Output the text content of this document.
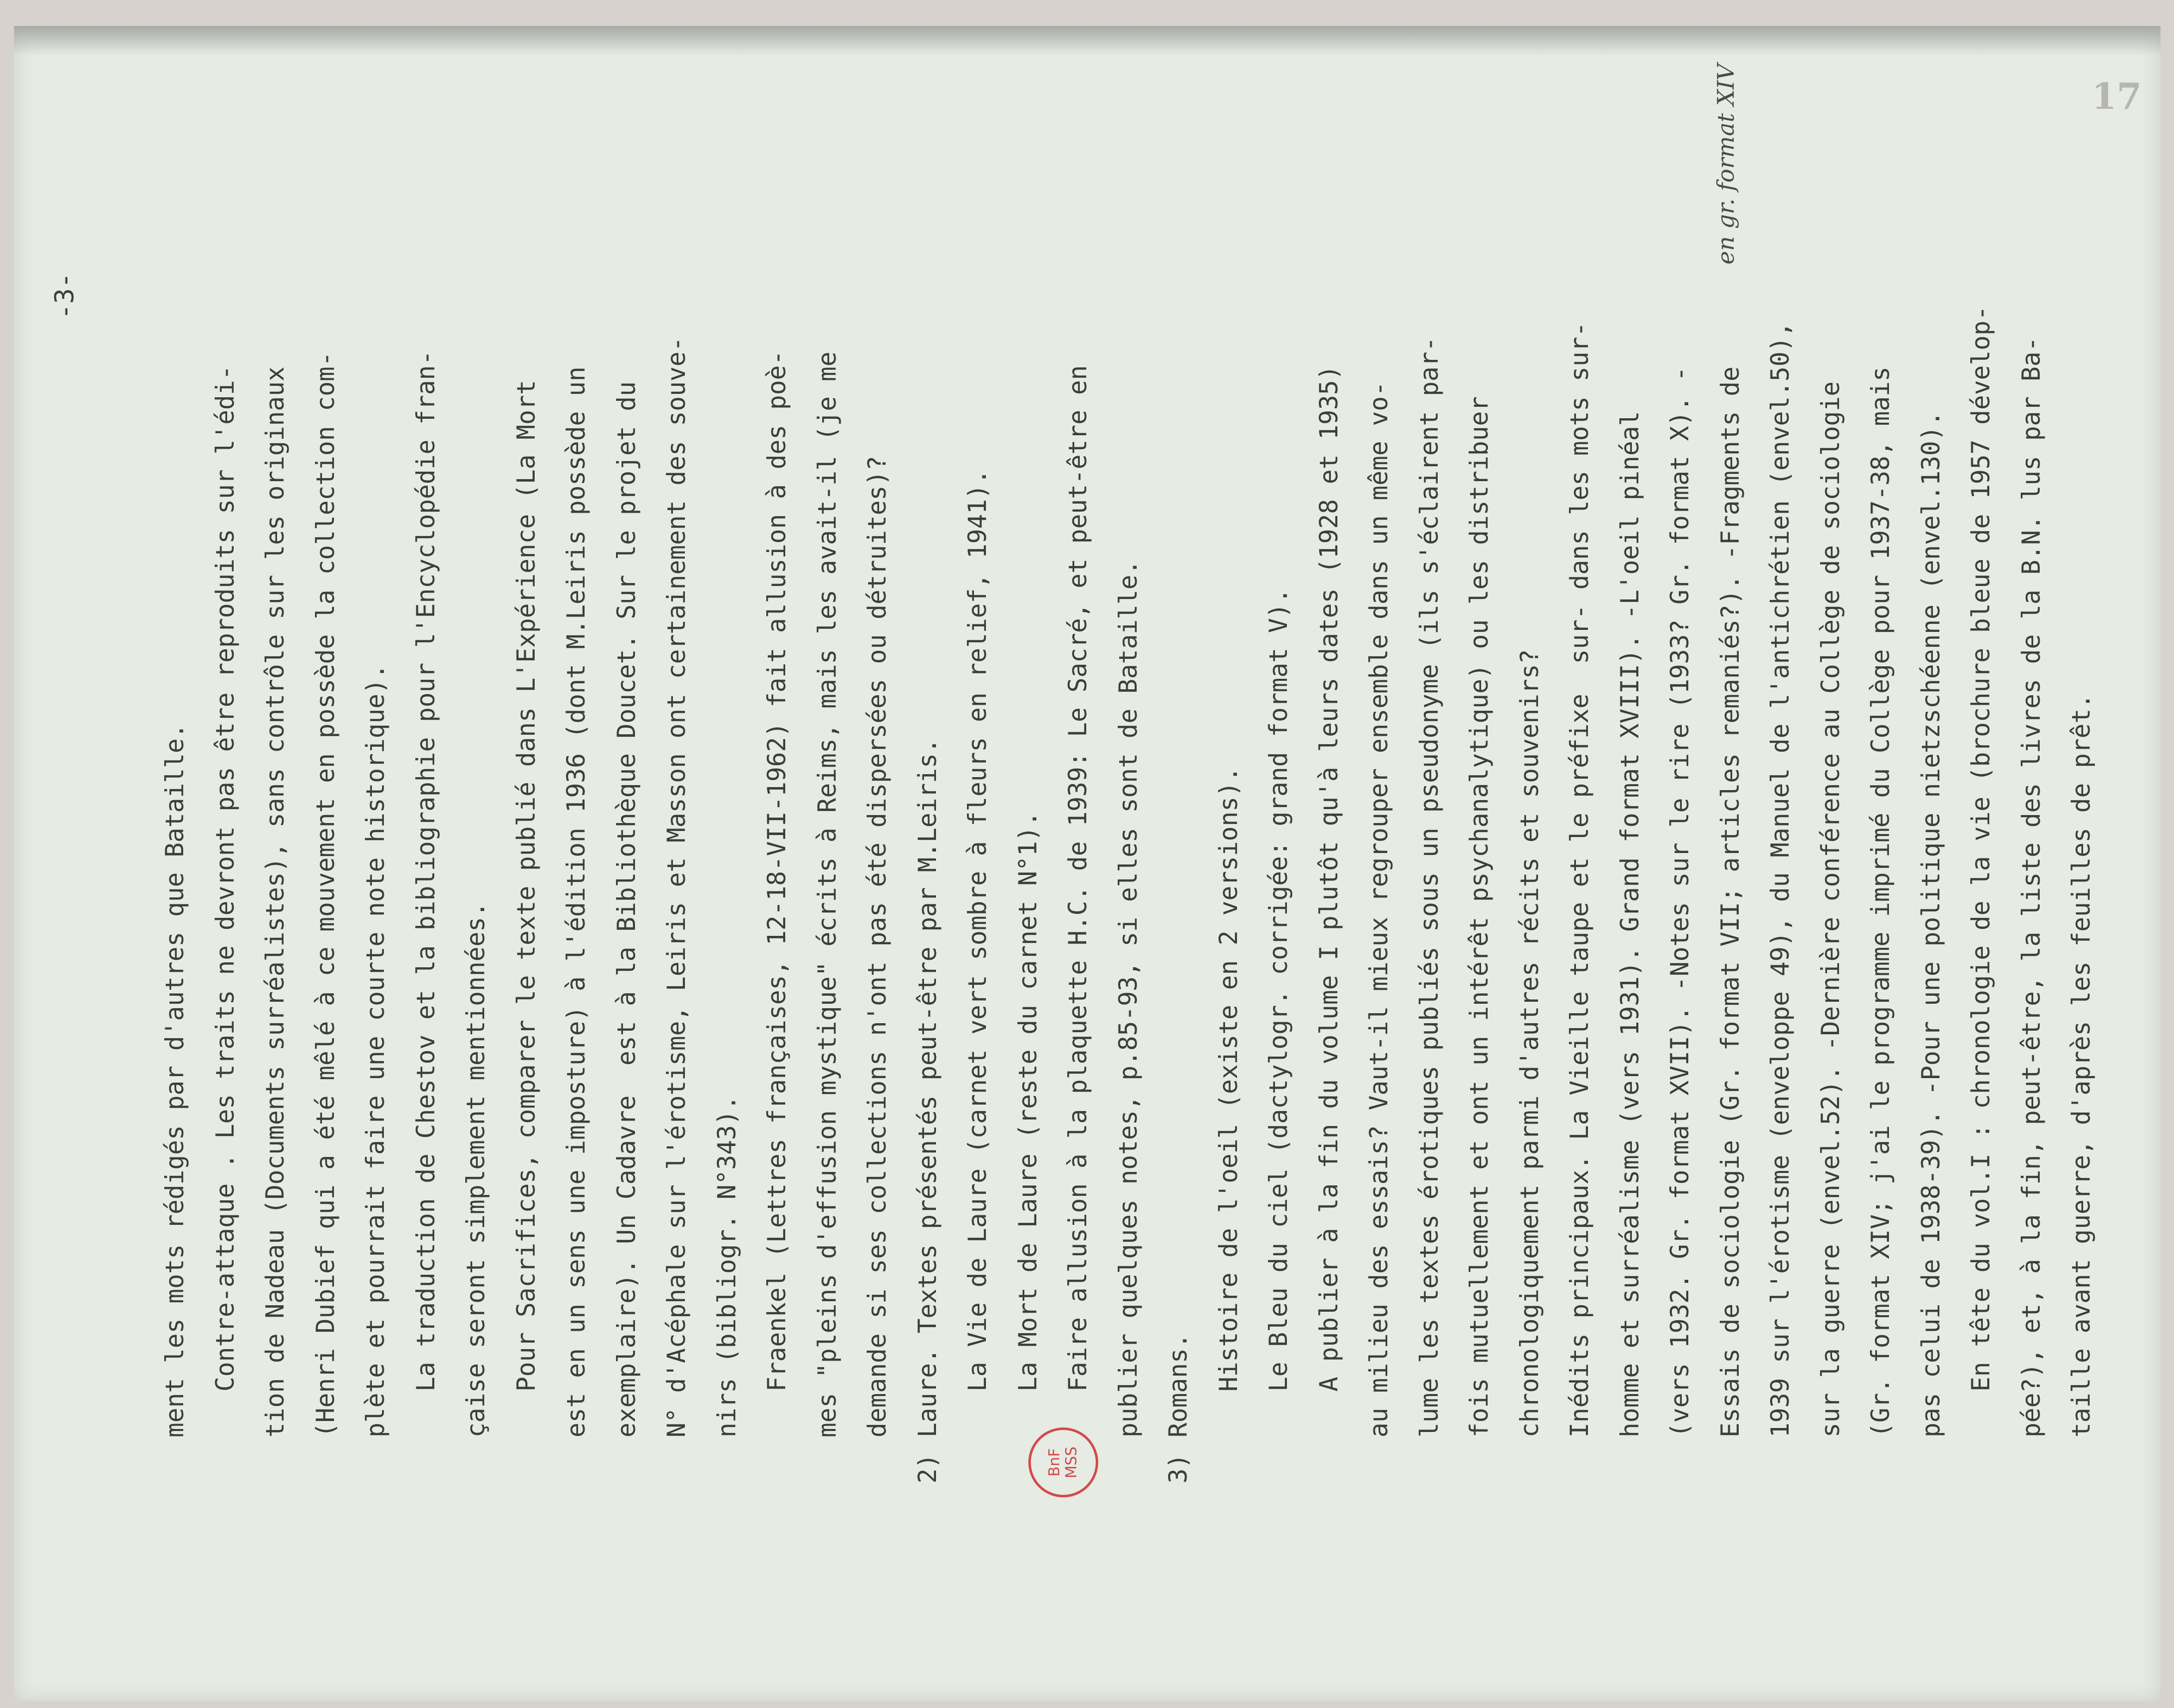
-3-
17
BnF MSS
en gr. format XIV
ment les mots rédigés par d'autres que Bataille. Contre-attaque . Les traits ne devront pas être reproduits sur l'édi- tion de Nadeau (Documents surréalistes), sans contrôle sur les originaux (Henri Dubief qui a été mêlé à ce mouvement en possède la collection com- plète et pourrait faire une courte note historique). La traduction de Chestov et la bibliographie pour l'Encyclopédie fran- çaise seront simplement mentionnées. Pour Sacrifices, comparer le texte publié dans L'Expérience (La Mort est en un sens une imposture) à l'édition 1936 (dont M.Leiris possède un exemplaire). Un Cadavre  est à la Bibliothèque Doucet. Sur le projet du N° d'Acéphale sur l'érotisme, Leiris et Masson ont certainement des souve- nirs (bibliogr. N°343). Fraenkel (Lettres françaises, 12-18-VII-1962) fait allusion à des poè- mes "pleins d'effusion mystique" écrits à Reims, mais les avait-il (je me demande si ses collections n'ont pas été dispersées ou détruites)?
2)
Laure. Textes présentés peut-être par M.Leiris. La Vie de Laure (carnet vert sombre à fleurs en relief, 1941). La Mort de Laure (reste du carnet N°1). Faire allusion à la plaquette H.C. de 1939: Le Sacré, et peut-être en publier quelques notes, p.85-93, si elles sont de Bataille.
3)
Romans. Histoire de l'oeil (existe en 2 versions). Le Bleu du ciel (dactylogr. corrigée: grand format V). A publier à la fin du volume I plutôt qu'à leurs dates (1928 et 1935) au milieu des essais? Vaut-il mieux regrouper ensemble dans un même vo- lume les textes érotiques publiés sous un pseudonyme (ils s'éclairent par- fois mutuellement et ont un intérêt psychanalytique) ou les distribuer chronologiquement parmi d'autres récits et souvenirs? Inédits principaux. La Vieille taupe et le préfixe  sur- dans les mots sur- homme et surréalisme (vers 1931). Grand format XVIII). -L'oeil pinéal (vers 1932. Gr. format XVII). -Notes sur le rire (1933? Gr. format X). - Essais de sociologie (Gr. format VII; articles remaniés?). -Fragments de 1939 sur l'érotisme (enveloppe 49), du Manuel de l'antichrétien (envel.50), sur la guerre (envel.52). -Dernière conférence au Collège de sociologie (Gr. format XIV; j'ai le programme imprimé du Collège pour 1937-38, mais pas celui de 1938-39). -Pour une politique nietzschéenne (envel.130). En tête du vol.I : chronologie de la vie (brochure bleue de 1957 dévelop- pée?), et, à la fin, peut-être, la liste des livres de la B.N. lus par Ba- taille avant guerre, d'après les feuilles de prêt.
